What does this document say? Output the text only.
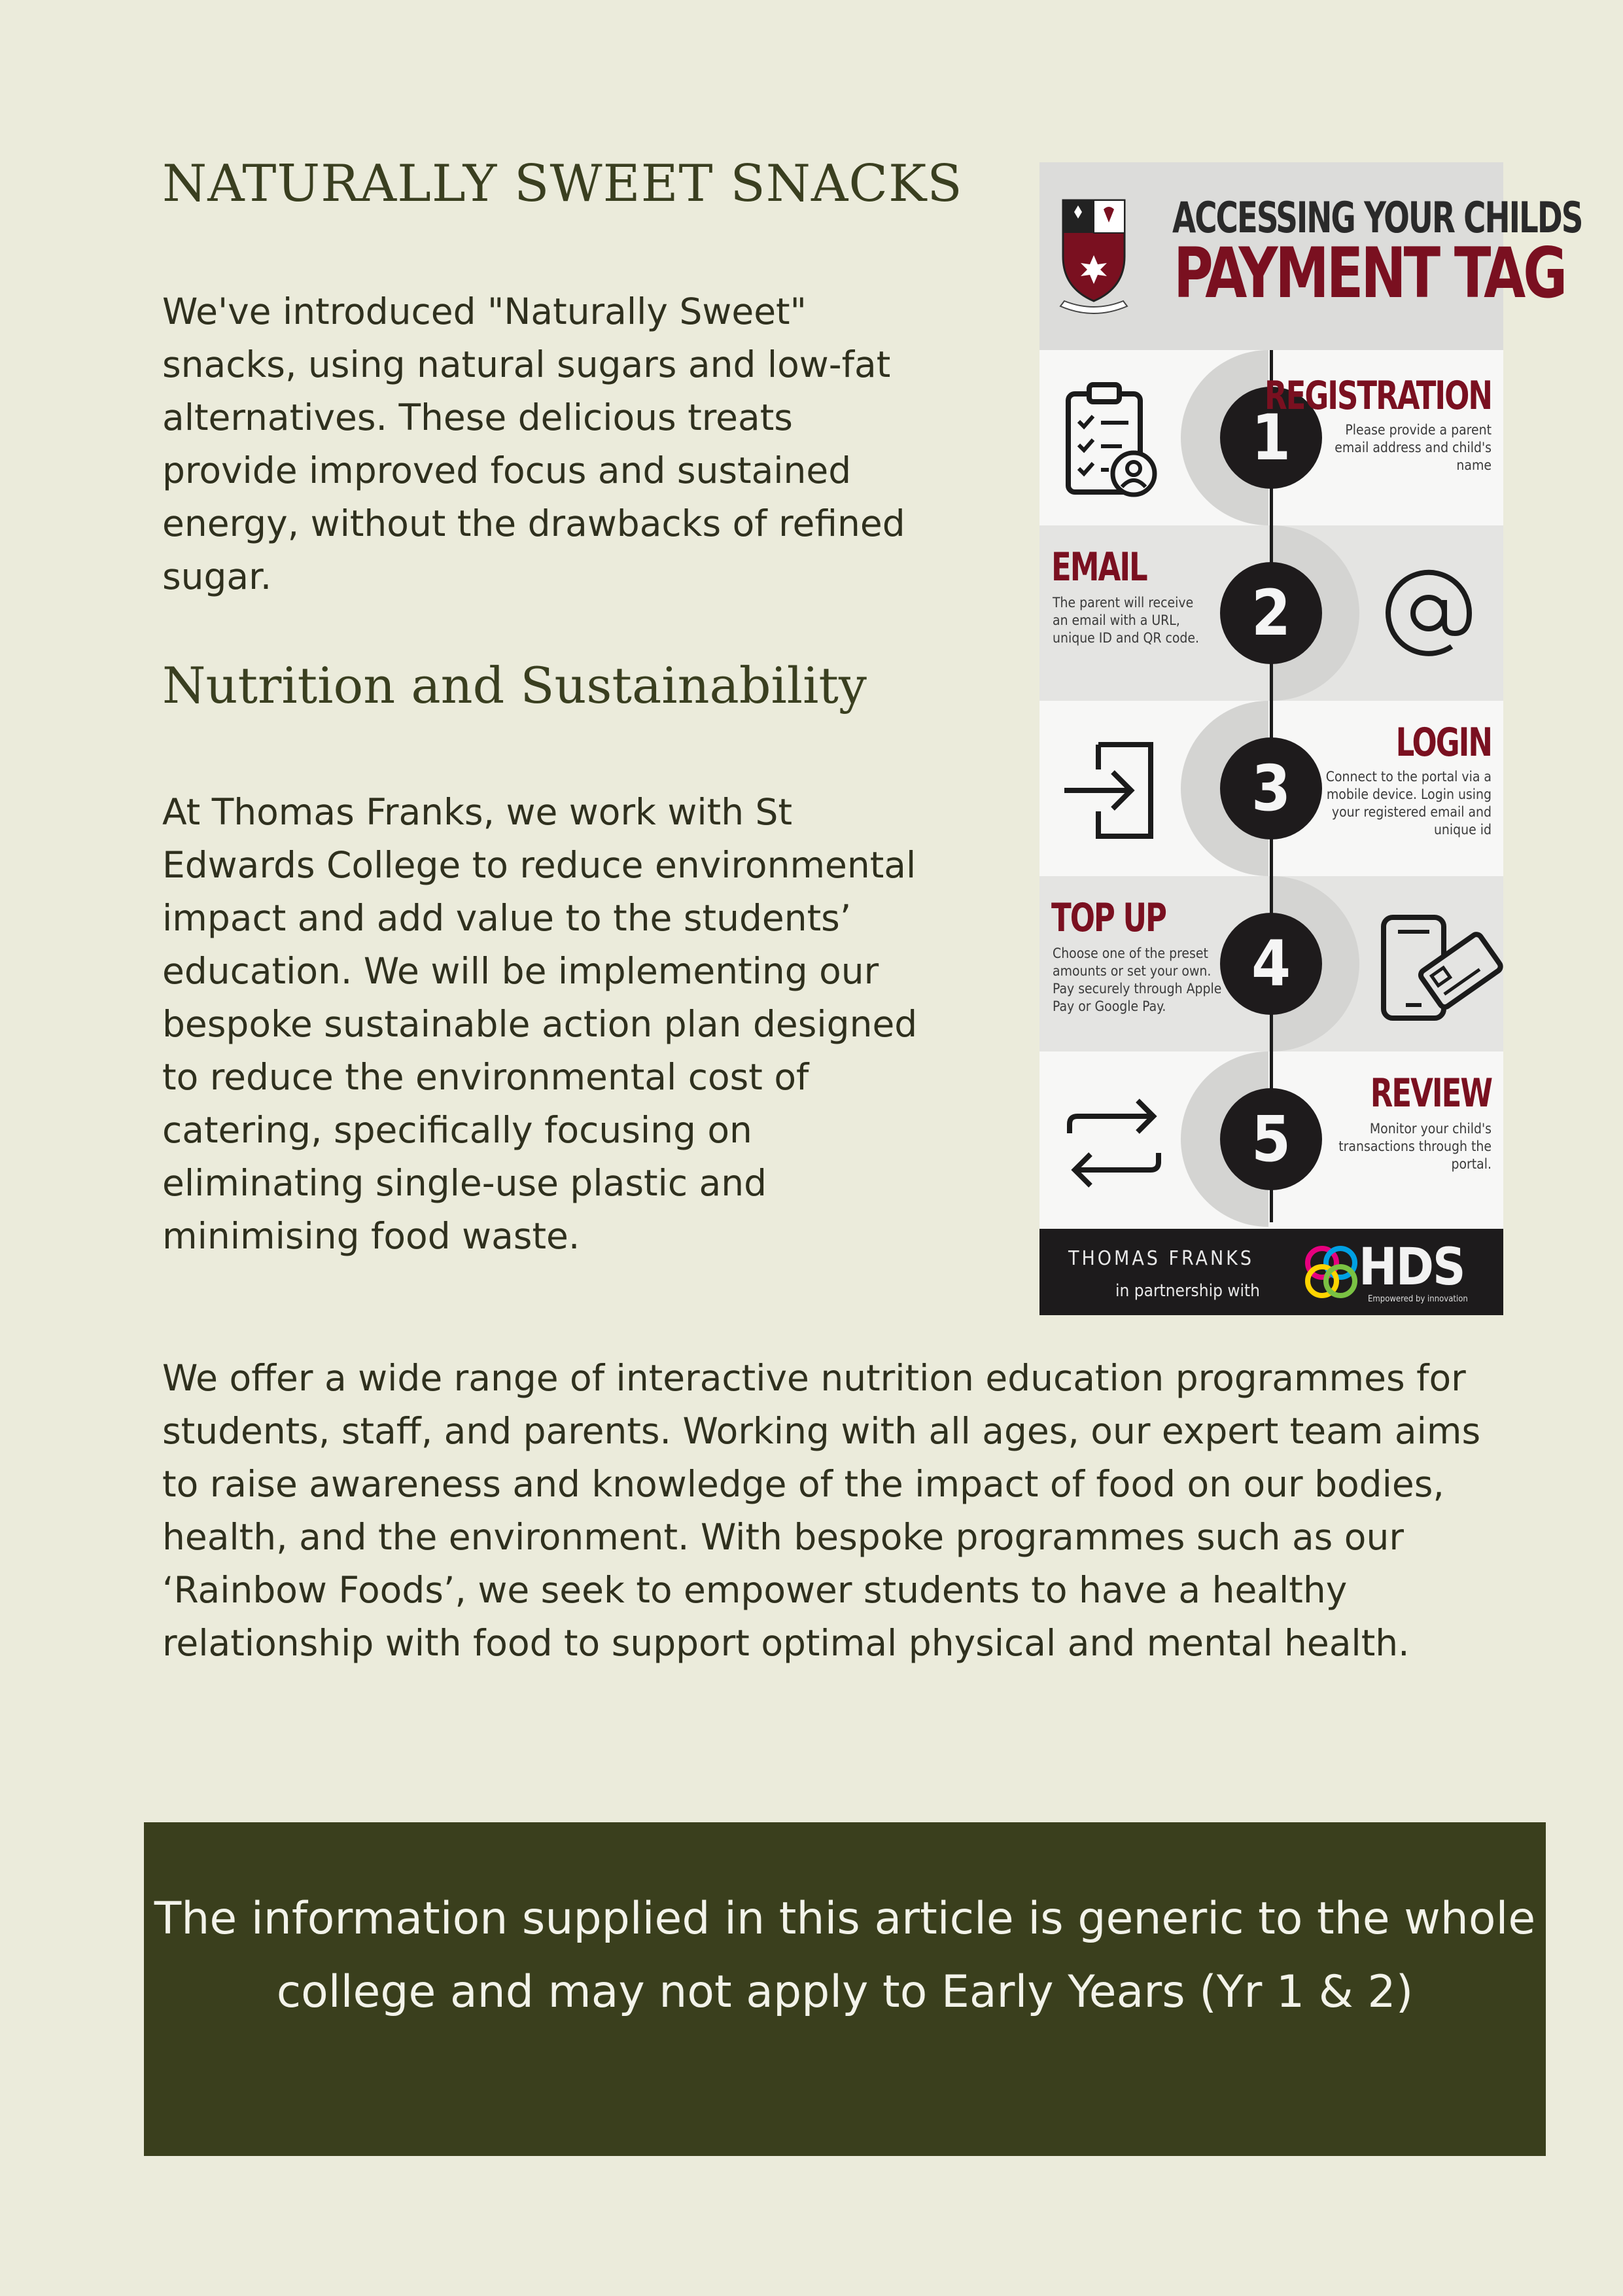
NATURALLY SWEET SNACKS

We've introduced "Naturally Sweet" snacks, using natural sugars and low-fat alternatives. These delicious treats provide improved focus and sustained energy, without the drawbacks of refined sugar.

Nutrition and Sustainability

At Thomas Franks, we work with St Edwards College to reduce environmental impact and add value to the students’ education. We will be implementing our bespoke sustainable action plan designed to reduce the environmental cost of catering, specifically focusing on eliminating single-use plastic and minimising food waste.

We offer a wide range of interactive nutrition education programmes for students, staff, and parents. Working with all ages, our expert team aims to raise awareness and knowledge of the impact of food on our bodies, health, and the environment. With bespoke programmes such as our ‘Rainbow Foods’, we seek to empower students to have a healthy relationship with food to support optimal physical and mental health.

ACCESSING YOUR CHILDS
PAYMENT TAG
1
2
3
4
5
REGISTRATION
Please provide a parent email address and child's name
EMAIL
The parent will receive an email with a URL, unique ID and QR code.
LOGIN
Connect to the portal via a mobile device. Login using your registered email and unique id
TOP UP
Choose one of the preset amounts or set your own. Pay securely through Apple Pay or Google Pay.
REVIEW
Monitor your child's transactions through the portal.
THOMAS FRANKS
in partnership with HDS
Empowered by innovation
The information supplied in this article is generic to the whole college and may not apply to Early Years (Yr 1 & 2)
